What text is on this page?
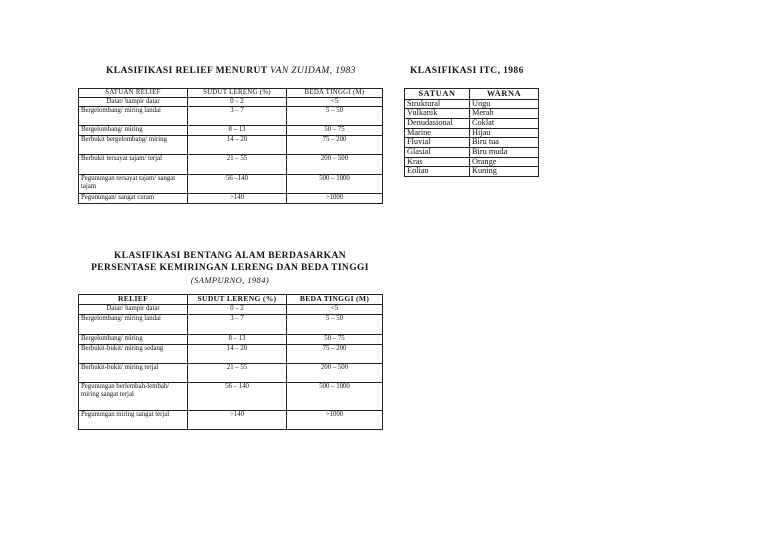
KLASIFIKASI RELIEF MENURUT VAN ZUIDAM, 1983
SATUAN RELIEF	SUDUT LERENG (%)	BEDA TINGGI (M)
Datar/ hampir datar	0 – 2	<5
Bergelombang/ miring landai	3 – 7	5 – 50
Bergelombang/ miring	8 – 13	50 – 75
Berbukit bergelombang/ miring	14 – 20	75 – 200
Berbukit tersayat tajam/ terjal	21 – 55	200 – 500
Pegunungan tersayat tajam/ sangat tajam	56 –140	500 – 1000
Pegunungan/ sangat curam	>140	>1000
KLASIFIKASI ITC, 1986
SATUAN	WARNA
Struktural	Ungu
Vulkanik	Merah
Denudasional	Coklat
Marine	Hijau
Fluvial	Biru tua
Glasial	Biru muda
Kras	Orange
Eolian	Kuning
KLASIFIKASI BENTANG ALAM BERDASARKAN
PERSENTASE KEMIRINGAN LERENG DAN BEDA TINGGI
(SAMPURNO, 1984)
RELIEF	SUDUT LERENG (%)	BEDA TINGGI (M)
Datar/ hampir datar	0 – 2	<5
Bergelombang/ miring landai	3 – 7	5 – 50
Bergelombang/ miring	8 – 13	50 – 75
Berbukit-bukit/ miring sedang	14 – 20	75 – 200
Berbukit-bukit/ miring terjal	21 – 55	200 – 500
Pegunungan berlembah-lembah/ miring sangat terjal	56 – 140	500 – 1000
Pegunungan miring sangat terjal	>140	>1000
